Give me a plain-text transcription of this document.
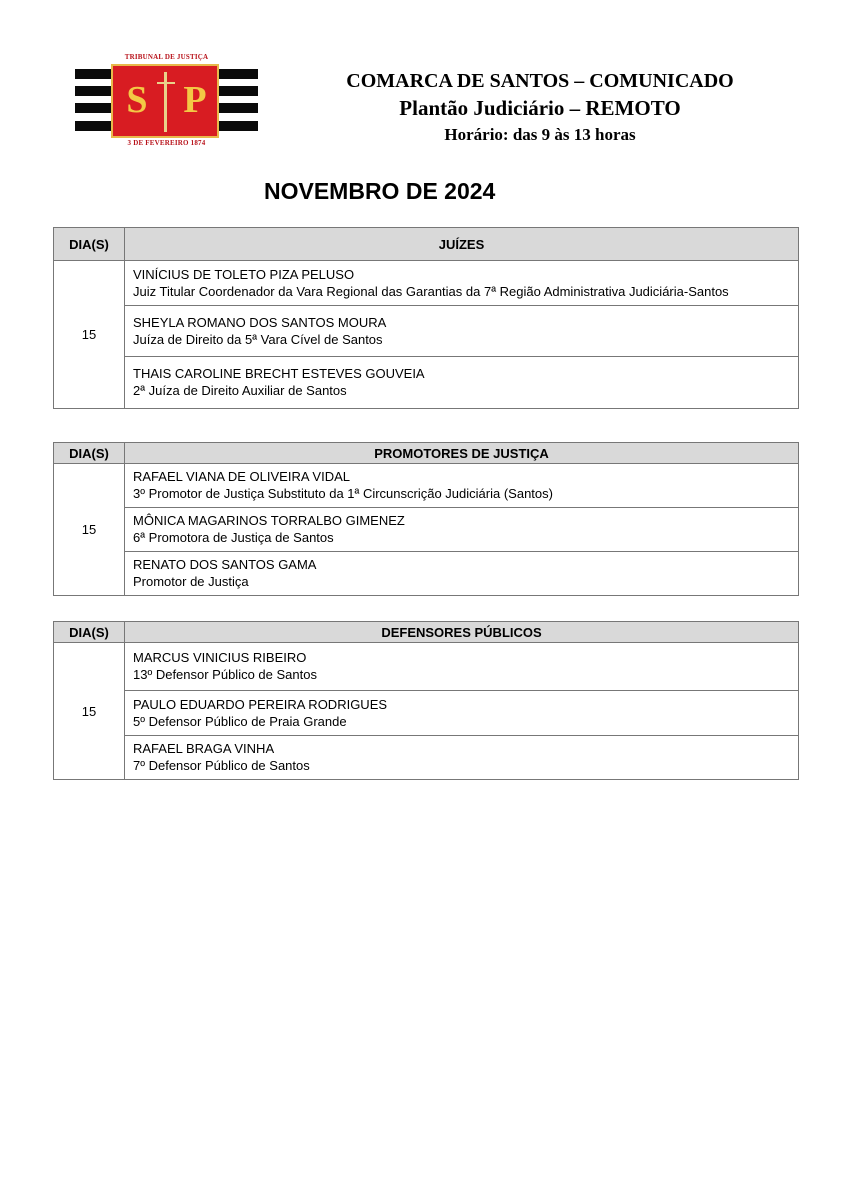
TRIBUNAL DE JUSTIÇA
S P
3 DE FEVEREIRO 1874
COMARCA DE SANTOS – COMUNICADO
Plantão Judiciário – REMOTO
Horário: das 9 às 13 horas
NOVEMBRO DE 2024
DIA(S)	JUÍZES
15	VINÍCIUS DE TOLETO PIZA PELUSO
Juiz Titular Coordenador da Vara Regional das Garantias da 7ª Região Administrativa Judiciária-Santos

	SHEYLA ROMANO DOS SANTOS MOURA
Juíza de Direito da 5ª Vara Cível de Santos

	THAIS CAROLINE BRECHT ESTEVES GOUVEIA
2ª Juíza de Direito Auxiliar de Santos
DIA(S)	PROMOTORES DE JUSTIÇA
15	RAFAEL VIANA DE OLIVEIRA VIDAL
3º Promotor de Justiça Substituto da 1ª Circunscrição Judiciária (Santos)

	MÔNICA MAGARINOS TORRALBO GIMENEZ
6ª Promotora de Justiça de Santos

	RENATO DOS SANTOS GAMA
Promotor de Justiça
DIA(S)	DEFENSORES PÚBLICOS
15	MARCUS VINICIUS RIBEIRO
13º Defensor Público de Santos

	PAULO EDUARDO PEREIRA RODRIGUES
5º Defensor Público de Praia Grande

	RAFAEL BRAGA VINHA
7º Defensor Público de Santos
